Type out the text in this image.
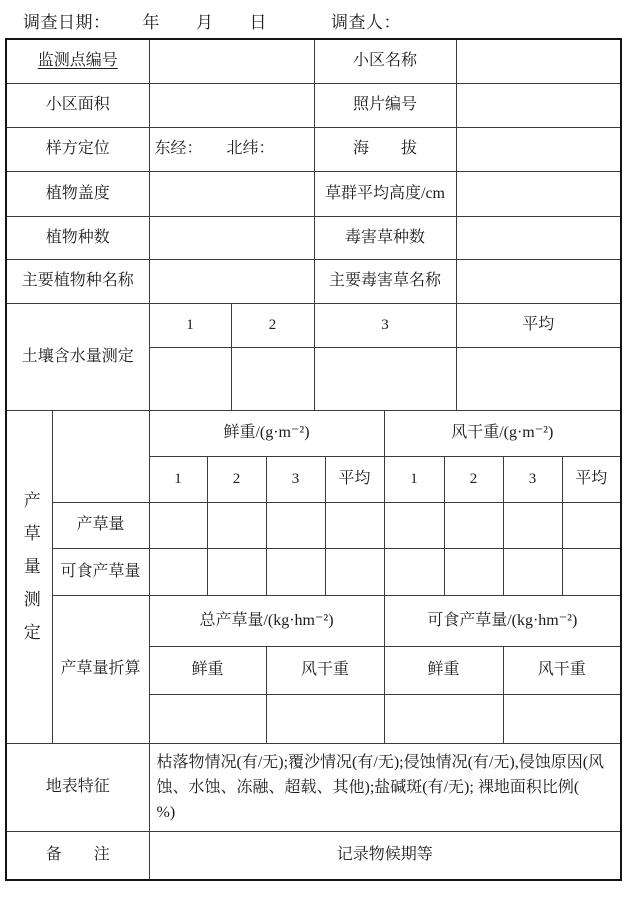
调查日期： 年 月 日	调查人：
监测点编号						小区名称						
小区面积						照片编号						
样方定位		东经：　　北纬：				海　　拔						
植物盖度						草群平均高度/cm						
植物种数						毒害草种数						
主要植物种名称						主要毒害草名称						
土壤含水量测定		1		2		3				平均		

产草量测定		鲜重/(g·m⁻²)						风干重/(g·m⁻²)				
		1	2		3		平均	1	2		3	平均
	产草量											
	可食产草量											
	产草量折算	总产草量/(kg·hm⁻²)						可食产草量/(kg·hm⁻²)				
		鲜重			风干重			鲜重			风干重	

地表特征		枯落物情况(有/无);覆沙情况(有/无);侵蚀情况(有/无),侵蚀原因(风蚀、水蚀、冻融、超载、其他);盐碱斑(有/无); 裸地面积比例(　　%)										
备　　注		记录物候期等										
